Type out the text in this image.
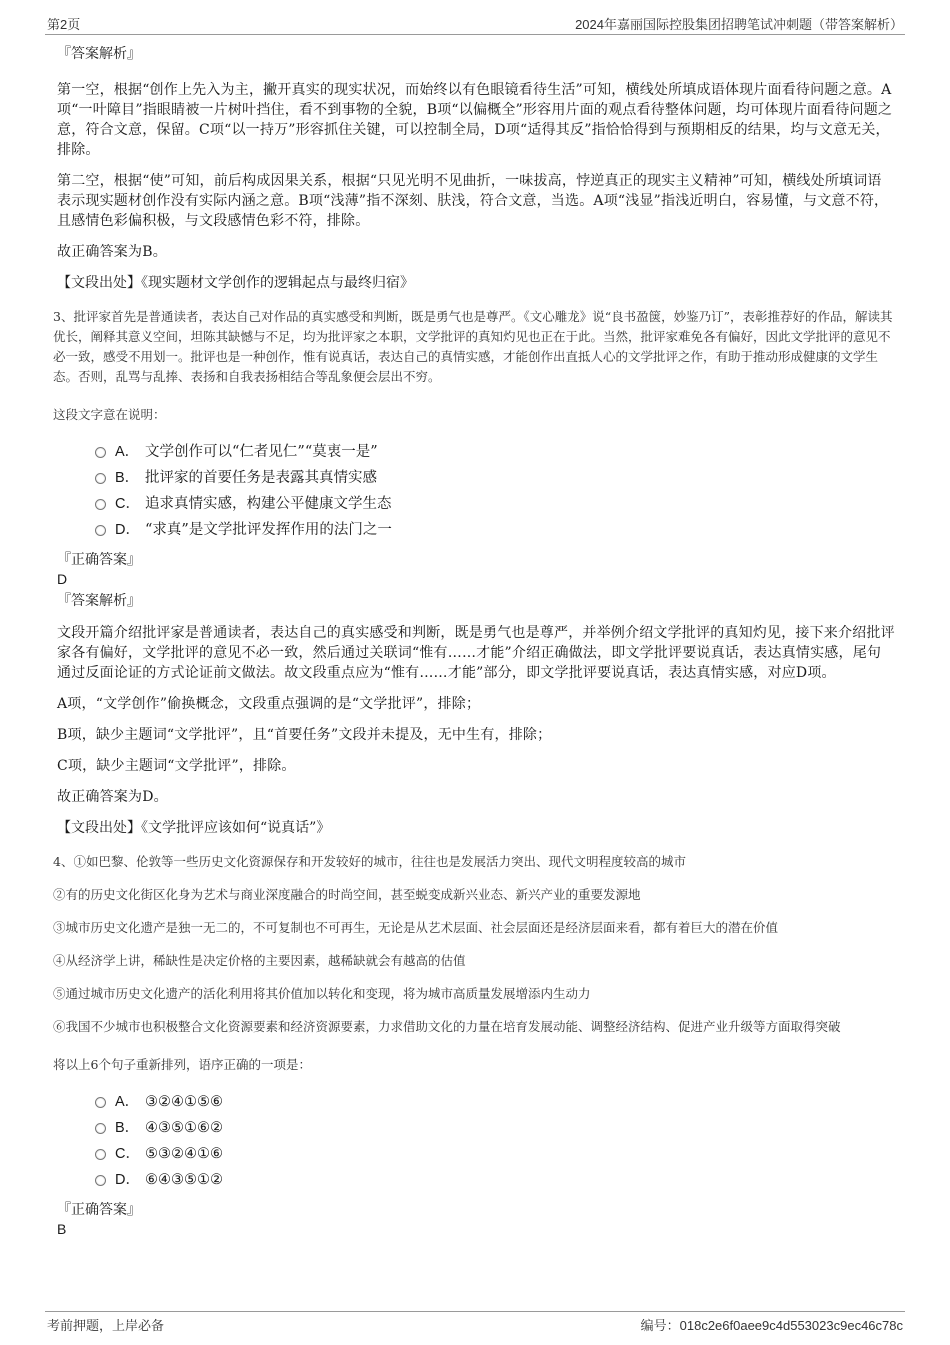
第2页	2024年嘉丽国际控股集团招聘笔试冲刺题（带答案解析）

『答案解析』

第一空，根据“创作上先入为主，撇开真实的现实状况，而始终以有色眼镜看待生活”可知，横线处所填成语体现片面看待问题之意。A项“一叶障目”指眼睛被一片树叶挡住，看不到事物的全貌，B项“以偏概全”形容用片面的观点看待整体问题，均可体现片面看待问题之意，符合文意，保留。C项“以一持万”形容抓住关键，可以控制全局，D项“适得其反”指恰恰得到与预期相反的结果，均与文意无关，排除。

第二空，根据“使”可知，前后构成因果关系，根据“只见光明不见曲折，一味拔高，悖逆真正的现实主义精神”可知，横线处所填词语表示现实题材创作没有实际内涵之意。B项“浅薄”指不深刻、肤浅，符合文意，当选。A项“浅显”指浅近明白，容易懂，与文意不符，且感情色彩偏积极，与文段感情色彩不符，排除。

故正确答案为B。

【文段出处】《现实题材文学创作的逻辑起点与最终归宿》

3、批评家首先是普通读者，表达自己对作品的真实感受和判断，既是勇气也是尊严。《文心雕龙》说“良书盈箧，妙鉴乃订”，表彰推荐好的作品，解读其优长，阐释其意义空间，坦陈其缺憾与不足，均为批评家之本职，文学批评的真知灼见也正在于此。当然，批评家难免各有偏好，因此文学批评的意见不必一致，感受不用划一。批评也是一种创作，惟有说真话，表达自己的真情实感，才能创作出直抵人心的文学批评之作，有助于推动形成健康的文学生态。否则，乱骂与乱捧、表扬和自我表扬相结合等乱象便会层出不穷。

这段文字意在说明：

A． 文学创作可以“仁者见仁”“莫衷一是”
B． 批评家的首要任务是表露其真情实感
C． 追求真情实感，构建公平健康文学生态
D． “求真”是文学批评发挥作用的法门之一

『正确答案』

D

『答案解析』

文段开篇介绍批评家是普通读者，表达自己的真实感受和判断，既是勇气也是尊严，并举例介绍文学批评的真知灼见，接下来介绍批评家各有偏好，文学批评的意见不必一致，然后通过关联词“惟有……才能”介绍正确做法，即文学批评要说真话，表达真情实感，尾句通过反面论证的方式论证前文做法。故文段重点应为“惟有……才能”部分，即文学批评要说真话，表达真情实感，对应D项。

A项，“文学创作”偷换概念，文段重点强调的是“文学批评”，排除；

B项，缺少主题词“文学批评”，且“首要任务”文段并未提及，无中生有，排除；

C项，缺少主题词“文学批评”，排除。

故正确答案为D。

【文段出处】《文学批评应该如何“说真话”》

4、①如巴黎、伦敦等一些历史文化资源保存和开发较好的城市，往往也是发展活力突出、现代文明程度较高的城市

②有的历史文化街区化身为艺术与商业深度融合的时尚空间，甚至蜕变成新兴业态、新兴产业的重要发源地

③城市历史文化遗产是独一无二的，不可复制也不可再生，无论是从艺术层面、社会层面还是经济层面来看，都有着巨大的潜在价值

④从经济学上讲，稀缺性是决定价格的主要因素，越稀缺就会有越高的估值

⑤通过城市历史文化遗产的活化利用将其价值加以转化和变现，将为城市高质量发展增添内生动力

⑥我国不少城市也积极整合文化资源要素和经济资源要素，力求借助文化的力量在培育发展动能、调整经济结构、促进产业升级等方面取得突破

将以上6个句子重新排列，语序正确的一项是：

A． ③②④①⑤⑥
B． ④③⑤①⑥②
C． ⑤③②④①⑥
D． ⑥④③⑤①②

『正确答案』

B

考前押题，上岸必备	编号：018c2e6f0aee9c4d553023c9ec46c78c
